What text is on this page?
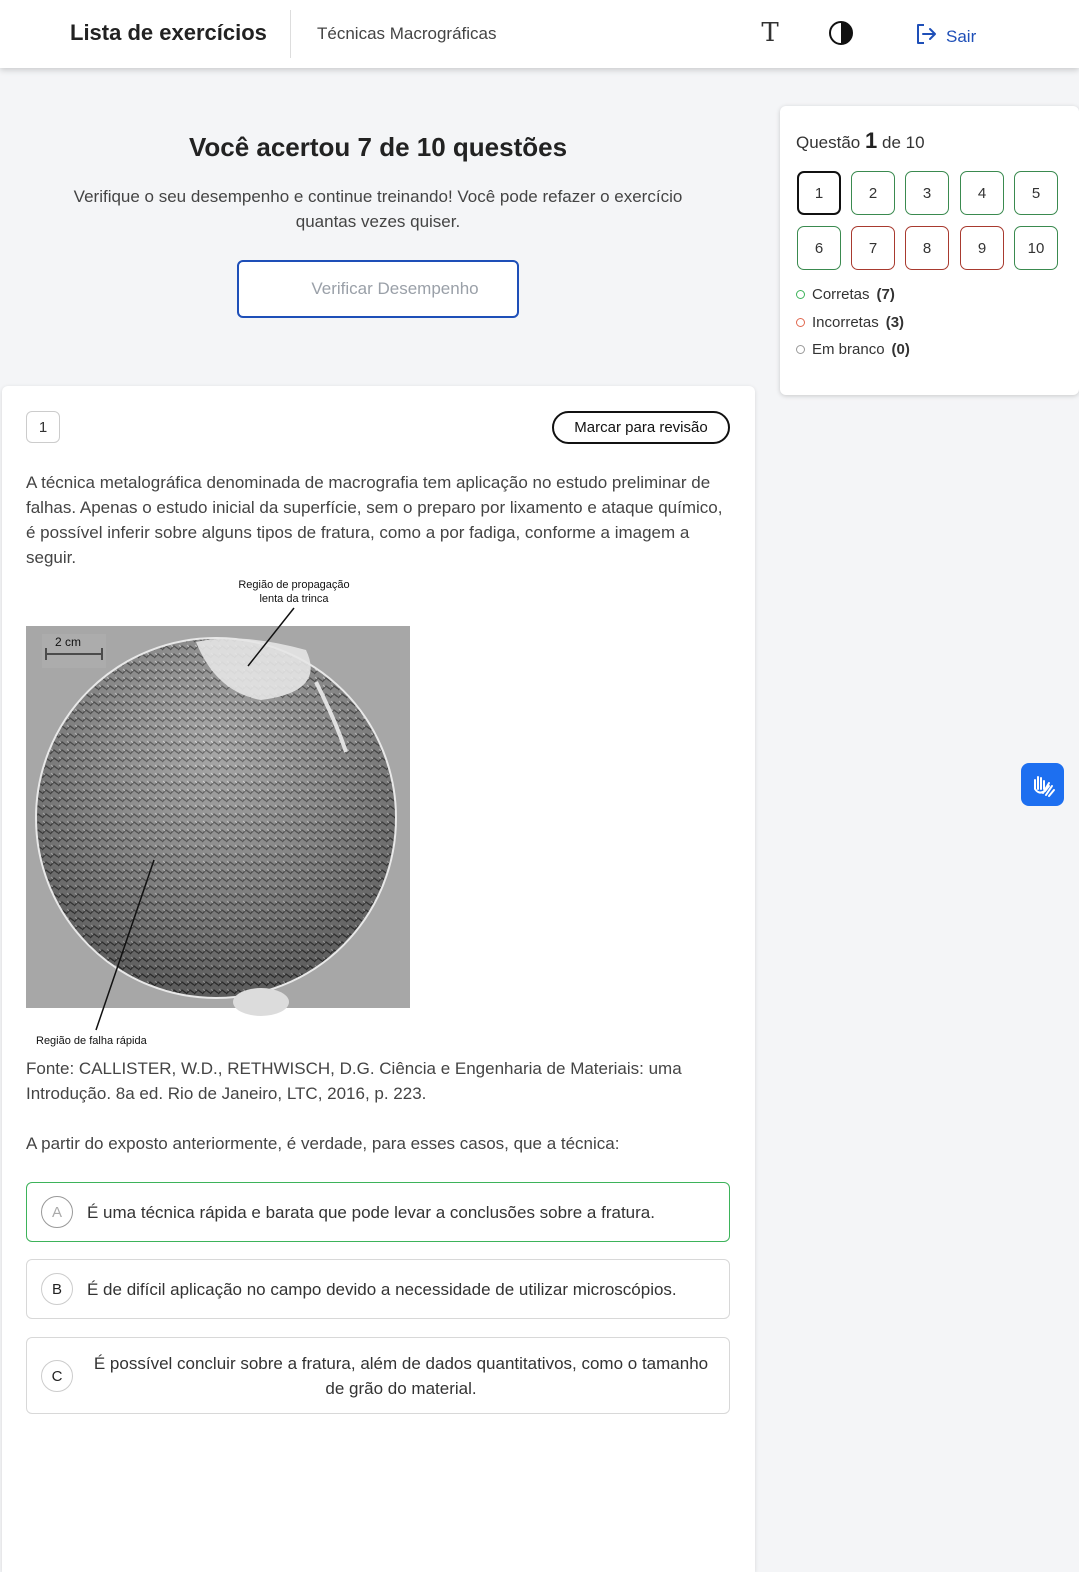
Lista de exercícios	Técnicas Macrográficas	T	Sair
Você acertou 7 de 10 questões
Verifique o seu desempenho e continue treinando! Você pode refazer o exercício quantas vezes quiser.
Verificar Desempenho
1	Marcar para revisão
A técnica metalográfica denominada de macrografia tem aplicação no estudo preliminar de falhas. Apenas o estudo inicial da superfície, sem o preparo por lixamento e ataque químico, é possível inferir sobre alguns tipos de fratura, como a por fadiga, conforme a imagem a seguir.
Região de propagação
lenta da trinca
2 cm
Região de falha rápida
Fonte: CALLISTER, W.D., RETHWISCH, D.G. Ciência e Engenharia de Materiais: uma Introdução. 8a ed. Rio de Janeiro, LTC, 2016, p. 223.
A partir do exposto anteriormente, é verdade, para esses casos, que a técnica:
A	É uma técnica rápida e barata que pode levar a conclusões sobre a fratura.
B	É de difícil aplicação no campo devido a necessidade de utilizar microscópios.
C
É possível concluir sobre a fratura, além de dados quantitativos, como o tamanho de grão do material.
Questão 1 de 10
1	2	3	4	5
6	7	8	9	10
Corretas (7)
Incorretas (3)
Em branco (0)
